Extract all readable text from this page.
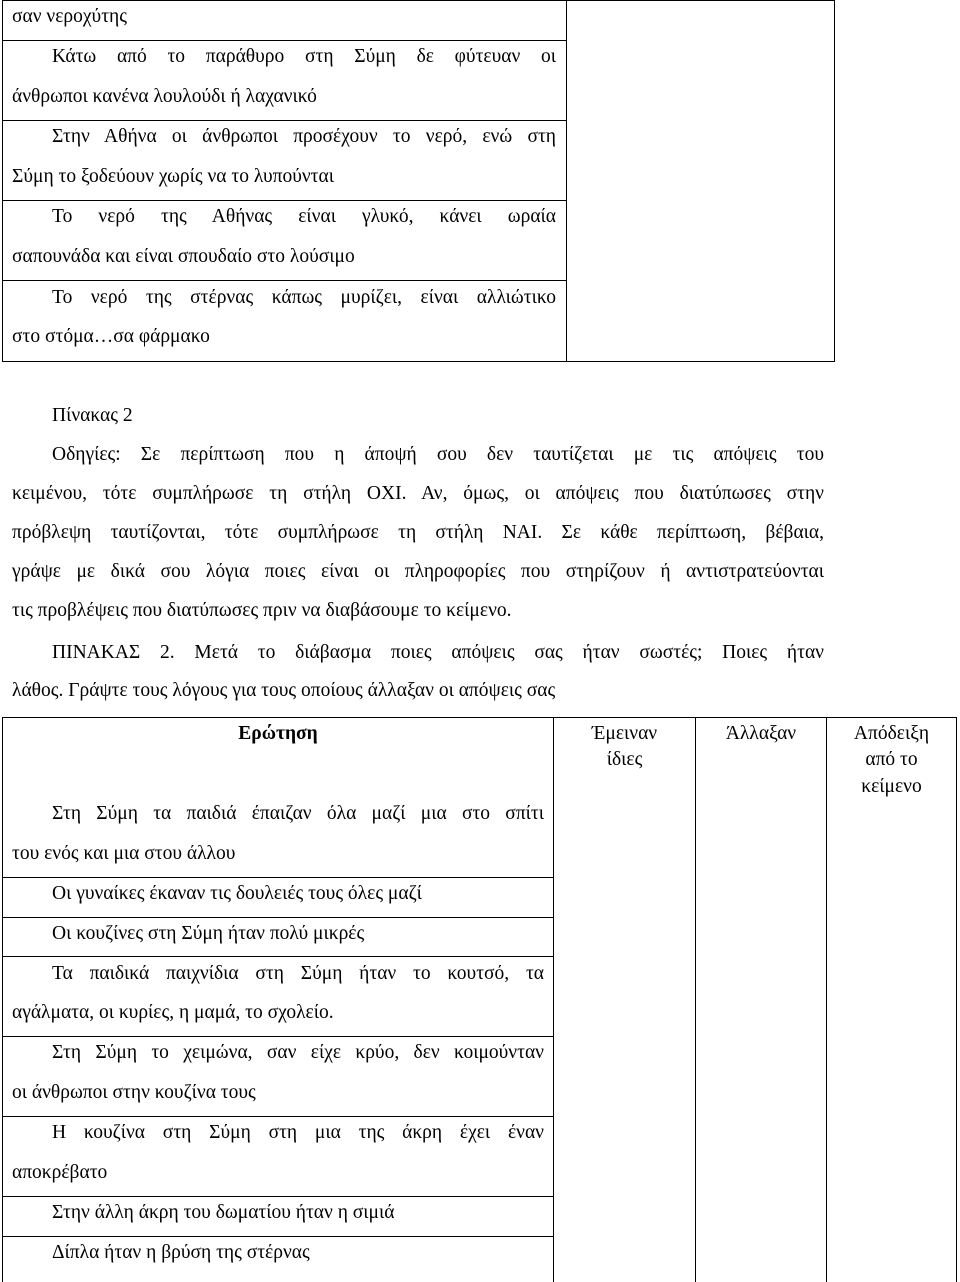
σαν νεροχύτης
Κάτω από το παράθυρο στη Σύμη δε φύτευαν οι
άνθρωποι κανένα λουλούδι ή λαχανικό
Στην Αθήνα οι άνθρωποι προσέχουν το νερό, ενώ στη
Σύμη το ξοδεύουν χωρίς να το λυπούνται
Το νερό της Αθήνας είναι γλυκό, κάνει ωραία
σαπουνάδα και είναι σπουδαίο στο λούσιμο
Το νερό της στέρνας κάπως μυρίζει, είναι αλλιώτικο
στο στόμα…σα φάρμακο
Πίνακας 2
Οδηγίες: Σε περίπτωση που η άποψή σου δεν ταυτίζεται με τις απόψεις του
κειμένου, τότε συμπλήρωσε τη στήλη ΟΧΙ. Αν, όμως, οι απόψεις που διατύπωσες στην
πρόβλεψη ταυτίζονται, τότε συμπλήρωσε τη στήλη ΝΑΙ. Σε κάθε περίπτωση, βέβαια,
γράψε με δικά σου λόγια ποιες είναι οι πληροφορίες που στηρίζουν ή αντιστρατεύονται
τις προβλέψεις που διατύπωσες πριν να διαβάσουμε το κείμενο.
ΠΙΝΑΚΑΣ 2. Μετά το διάβασμα ποιες απόψεις σας ήταν σωστές; Ποιες ήταν
λάθος. Γράψτε τους λόγους για τους οποίους άλλαξαν οι απόψεις σας
Ερώτηση	Έμειναν
ίδιες
Άλλαξαν	Απόδειξη
από το
κείμενο
Στη Σύμη τα παιδιά έπαιζαν όλα μαζί μια στο σπίτι
του ενός και μια στου άλλου
Οι γυναίκες έκαναν τις δουλειές τους όλες μαζί
Οι κουζίνες στη Σύμη ήταν πολύ μικρές
Τα παιδικά παιχνίδια στη Σύμη ήταν το κουτσό, τα
αγάλματα, οι κυρίες, η μαμά, το σχολείο.
Στη Σύμη το χειμώνα, σαν είχε κρύο, δεν κοιμούνταν
οι άνθρωποι στην κουζίνα τους
Η κουζίνα στη Σύμη στη μια της άκρη έχει έναν
αποκρέβατο
Στην άλλη άκρη του δωματίου ήταν η σιμιά
Δίπλα ήταν η βρύση της στέρνας
